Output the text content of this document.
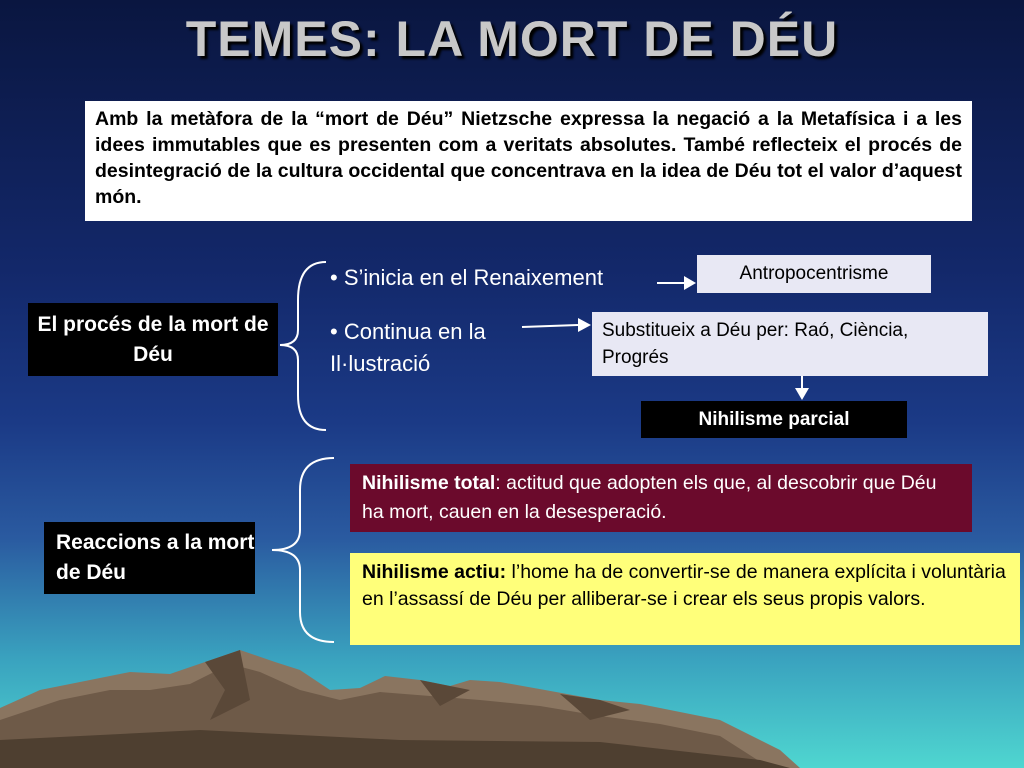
TEMES: LA MORT DE DÉU
Amb la metàfora de la “mort de Déu” Nietzsche expressa la negació a la Metafísica i a les idees immutables que es presenten com a veritats absolutes. També reflecteix el procés de desintegració de la cultura occidental que concentrava en la idea de Déu tot el valor d’aquest món.
El procés de la mort de Déu
• S’inicia en el Renaixement
• Continua en la Il·lustració
Antropocentrisme
Substitueix a Déu per: Raó, Ciència, Progrés
Nihilisme parcial
Reaccions a la mort de Déu
Nihilisme total: actitud que adopten els que, al descobrir que Déu ha mort, cauen en la desesperació.
Nihilisme actiu: l’home ha de convertir-se de manera explícita i voluntària en l’assassí de Déu per alliberar-se i crear els seus propis valors.
